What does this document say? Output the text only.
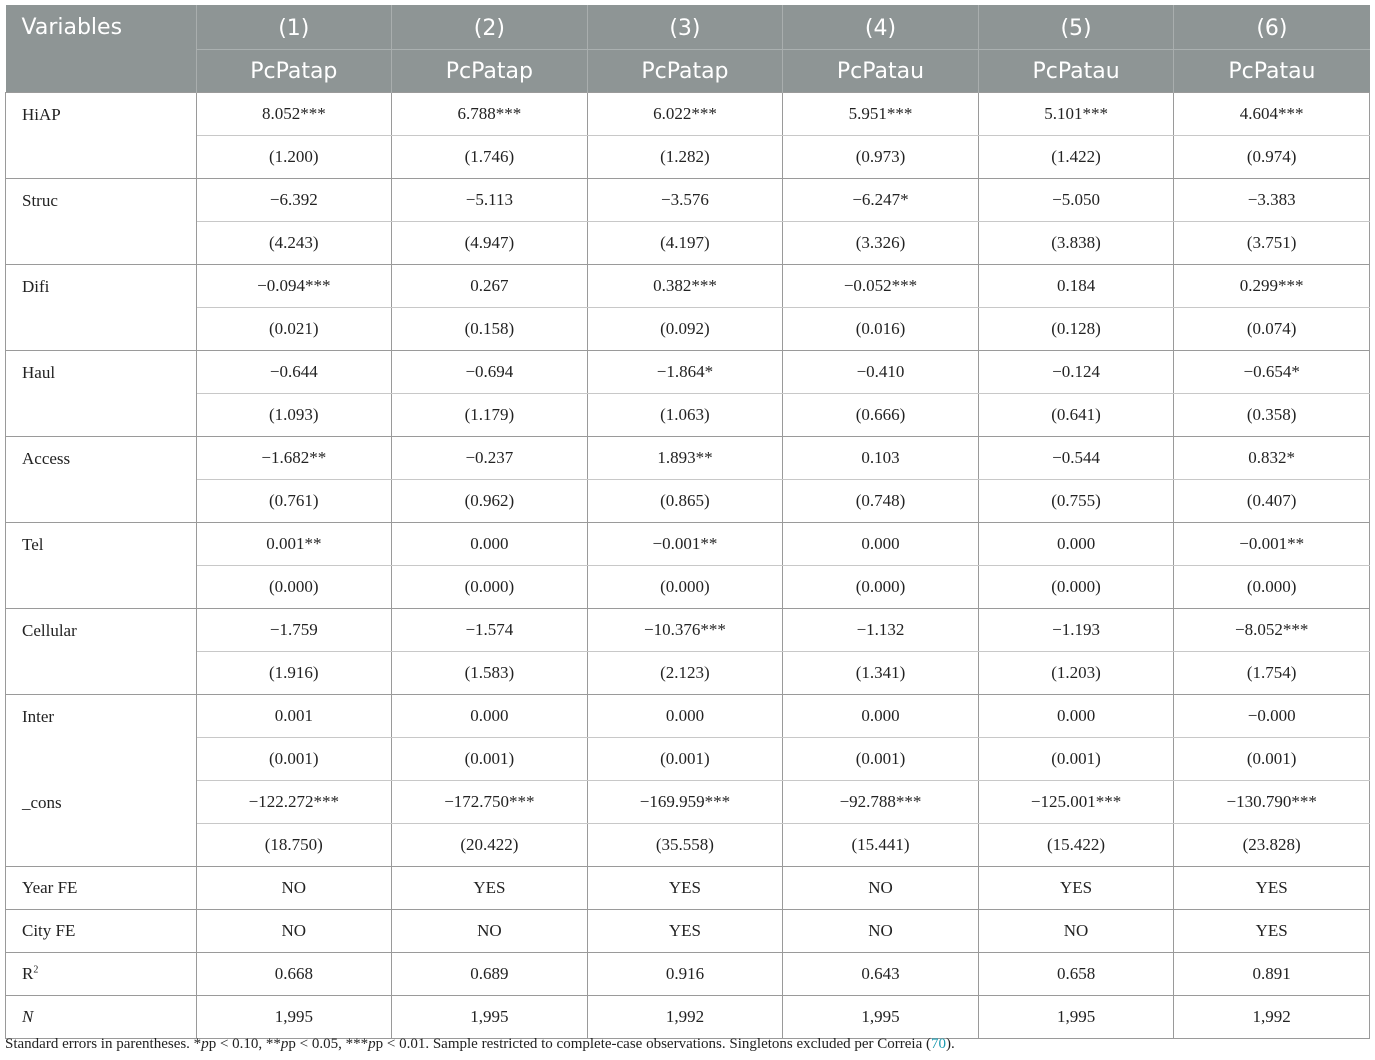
Variables	(1)	(2)	(3)	(4)	(5)	(6)
	PcPatap	PcPatap	PcPatap	PcPatau	PcPatau	PcPatau
HiAP	8.052***	6.788***	6.022***	5.951***	5.101***	4.604***
	(1.200)	(1.746)	(1.282)	(0.973)	(1.422)	(0.974)
Struc	−6.392	−5.113	−3.576	−6.247*	−5.050	−3.383
	(4.243)	(4.947)	(4.197)	(3.326)	(3.838)	(3.751)
Difi	−0.094***	0.267	0.382***	−0.052***	0.184	0.299***
	(0.021)	(0.158)	(0.092)	(0.016)	(0.128)	(0.074)
Haul	−0.644	−0.694	−1.864*	−0.410	−0.124	−0.654*
	(1.093)	(1.179)	(1.063)	(0.666)	(0.641)	(0.358)
Access	−1.682**	−0.237	1.893**	0.103	−0.544	0.832*
	(0.761)	(0.962)	(0.865)	(0.748)	(0.755)	(0.407)
Tel	0.001**	0.000	−0.001**	0.000	0.000	−0.001**
	(0.000)	(0.000)	(0.000)	(0.000)	(0.000)	(0.000)
Cellular	−1.759	−1.574	−10.376***	−1.132	−1.193	−8.052***
	(1.916)	(1.583)	(2.123)	(1.341)	(1.203)	(1.754)
Inter	0.001	0.000	0.000	0.000	0.000	−0.000
	(0.001)	(0.001)	(0.001)	(0.001)	(0.001)	(0.001)
_cons	−122.272***	−172.750***	−169.959***	−92.788***	−125.001***	−130.790***
	(18.750)	(20.422)	(35.558)	(15.441)	(15.422)	(23.828)
Year FE	NO	YES	YES	NO	YES	YES
City FE	NO	NO	YES	NO	NO	YES
$R^2$	0.668	0.689	0.916	0.643	0.658	0.891
N	1,995	1,995	1,992	1,995	1,995	1,992
Standard errors in parentheses. *pp < 0.10, **pp < 0.05, ***pp < 0.01. Sample restricted to complete-case observations. Singletons excluded per Correia (70).
